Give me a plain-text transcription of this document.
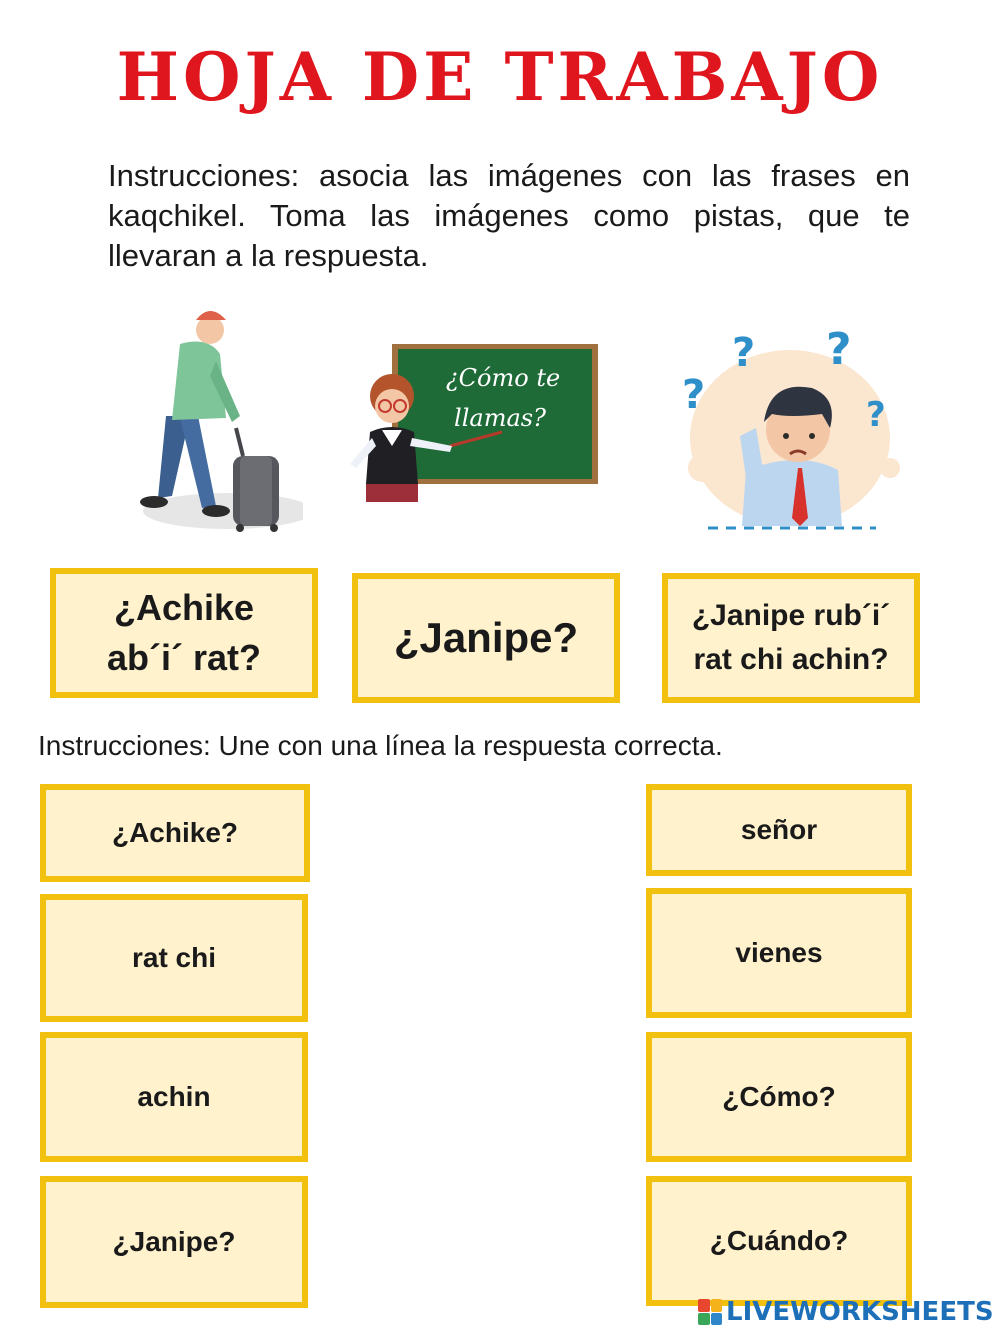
HOJA DE TRABAJO
Instrucciones: asocia las imágenes con las frases en kaqchikel. Toma las imágenes como pistas, que te llevaran a la respuesta.
¿Cómo te
llamas?
? ?
?	?
¿Achike
ab´i´ rat?	¿Janipe?	¿Janipe rub´i´
rat chi achin?
Instrucciones: Une con una línea la respuesta correcta.
¿Achike?
rat chi
achin
¿Janipe?
señor
vienes
¿Cómo?
¿Cuándo?
LIVEWORKSHEETS
